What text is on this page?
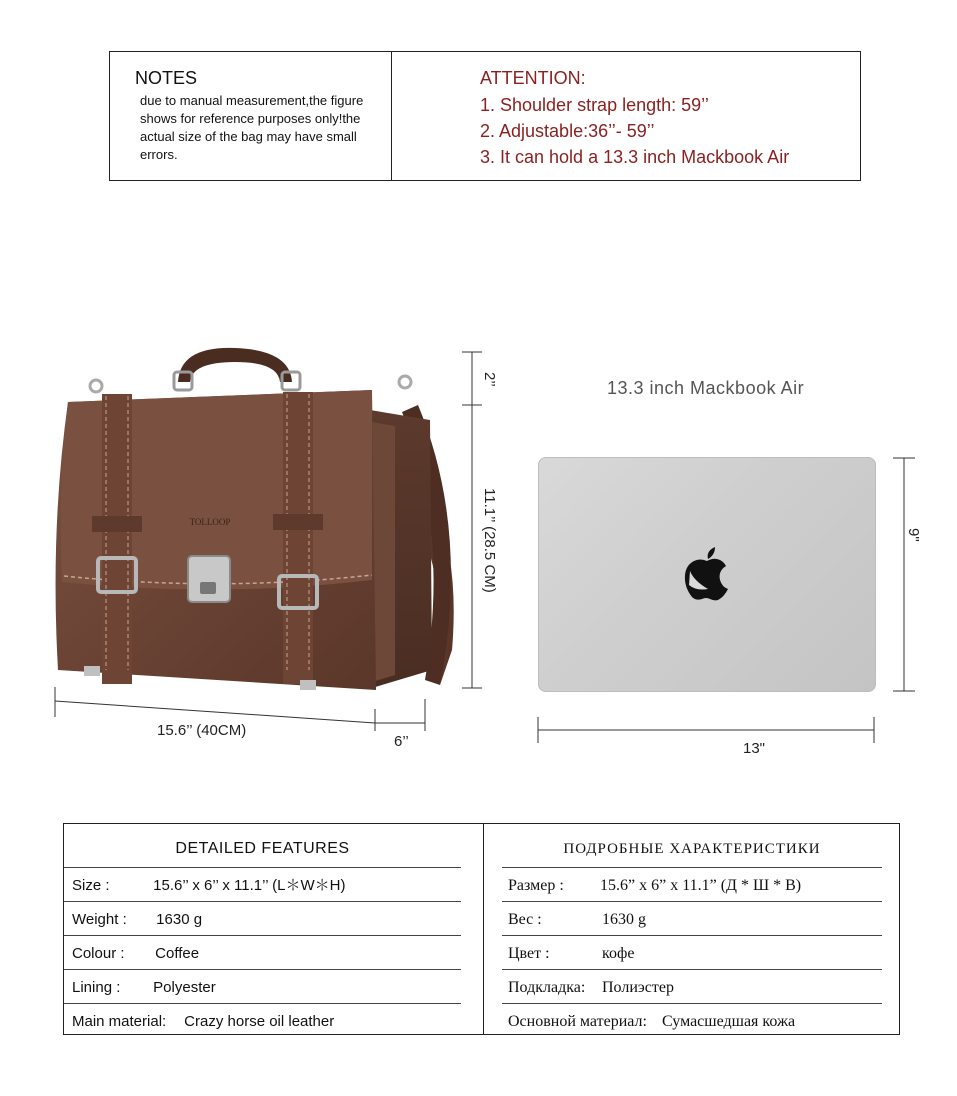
NOTES
due to manual measurement,the figure shows for reference purposes only!the actual size of the bag may have small errors.
ATTENTION:
1. Shoulder strap length: 59’’
2. Adjustable:36’’- 59’’
3. It can hold a 13.3 inch Mackbook Air
TOLLOOP
2’’
11.1’’ (28.5 CM)
15.6’’ (40CM)
6’’
13.3 inch Mackbook Air
9"
13"
DETAILED FEATURES
Size :	15.6’’ x 6’’ x 11.1’’ (L＊W＊H)
Weight : 1630 g
Colour : Coffee
Lining : Polyester
Main material: Crazy horse oil leather
ПОДРОБНЫЕ ХАРАКТЕРИСТИКИ
Размер : 15.6” x 6” x 11.1” (Д * Ш * В)
Вес :	1630 g
Цвет :	кофе
Подкладка: Полиэстер
Основной материал: Сумасшедшая кожа
